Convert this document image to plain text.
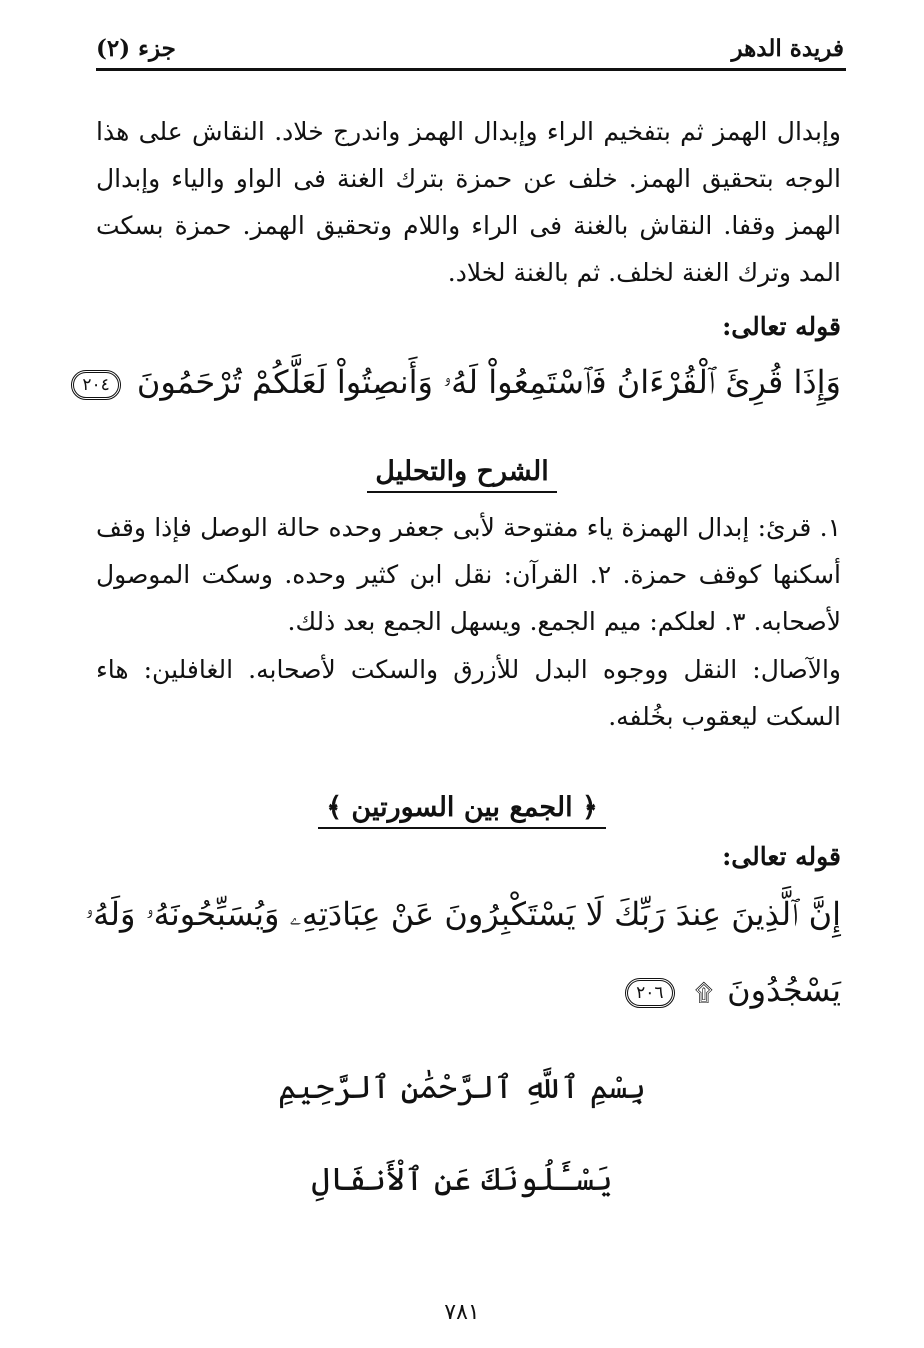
جزء (٢)	فريدة الدهر
وإبدال الهمز ثم بتفخيم الراء وإبدال الهمز واندرج خلاد. النقاش على هذا الوجه بتحقيق الهمز. خلف عن حمزة بترك الغنة فى الواو والياء وإبدال الهمز وقفا. النقاش بالغنة فى الراء واللام وتحقيق الهمز. حمزة بسكت المد وترك الغنة لخلف. ثم بالغنة لخلاد.
قوله تعالى:
وَإِذَا قُرِئَ ٱلْقُرْءَانُ فَٱسْتَمِعُواْ لَهُۥ وَأَنصِتُواْ لَعَلَّكُمْ تُرْحَمُونَ ٢٠٤
الشرح والتحليل
١. قرئ: إبدال الهمزة ياء مفتوحة لأبى جعفر وحده حالة الوصل فإذا وقف أسكنها كوقف حمزة. ٢. القرآن: نقل ابن كثير وحده. وسكت الموصول لأصحابه. ٣. لعلكم: ميم الجمع. ويسهل الجمع بعد ذلك.
والآصال: النقل ووجوه البدل للأزرق والسكت لأصحابه. الغافلين: هاء السكت ليعقوب بخُلفه.
﴿ الجمع بين السورتين ﴾
قوله تعالى:
إِنَّ ٱلَّذِينَ عِندَ رَبِّكَ لَا يَسْتَكْبِرُونَ عَنْ عِبَادَتِهِۦ وَيُسَبِّحُونَهُۥ وَلَهُۥ
يَسْجُدُونَ ۩ ٢٠٦
بِسْمِ ٱللَّهِ ٱلرَّحْمَٰنِ ٱلرَّحِيمِ
يَسْـَٔلُونَكَ عَنِ ٱلْأَنفَالِ
٧٨١
